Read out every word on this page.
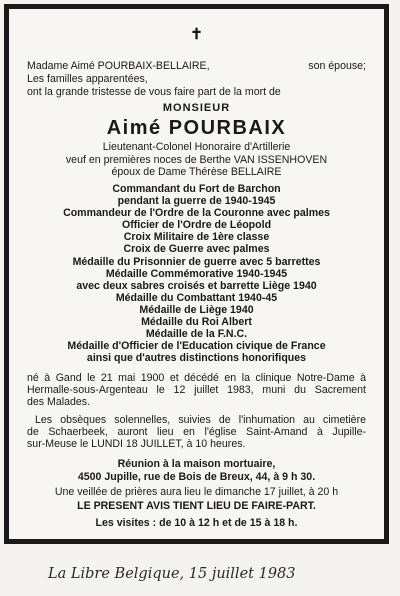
✝
Madame Aimé POURBAIX-BELLAIRE,	son épouse;
Les familles apparentées,
ont la grande tristesse de vous faire part de la mort de
MONSIEUR
Aimé POURBAIX
Lieutenant-Colonel Honoraire d'Artillerie
veuf en premières noces de Berthe VAN ISSENHOVEN
époux de Dame Thérèse BELLAIRE
Commandant du Fort de Barchon
pendant la guerre de 1940-1945
Commandeur de l'Ordre de la Couronne avec palmes
Officier de l'Ordre de Léopold
Croix Militaire de 1ère classe
Croix de Guerre avec palmes
Médaille du Prisonnier de guerre avec 5 barrettes
Médaille Commémorative 1940-1945
avec deux sabres croisés et barrette Liège 1940
Médaille du Combattant 1940-45
Médaille de Liège 1940
Médaille du Roi Albert
Médaille de la F.N.C.
Médaille d'Officier de l'Education civique de France
ainsi que d'autres distinctions honorifiques
né à Gand le 21 mai 1900 et décédé en la clinique Notre-Dame à
Hermalle-sous-Argenteau le 12 juillet 1983, muni du Sacrement
des Malades.
Les obsèques solennelles, suivies de l'inhumation au cimetière
de Schaerbeek, auront lieu en l'église Saint-Amand à Jupille-
sur-Meuse le LUNDI 18 JUILLET, à 10 heures.
Réunion à la maison mortuaire,
4500 Jupille, rue de Bois de Breux, 44, à 9 h 30.
Une veillée de prières aura lieu le dimanche 17 juillet, à 20 h
LE PRESENT AVIS TIENT LIEU DE FAIRE-PART.
Les visites : de 10 à 12 h et de 15 à 18 h.
La Libre Belgique, 15 juillet 1983
